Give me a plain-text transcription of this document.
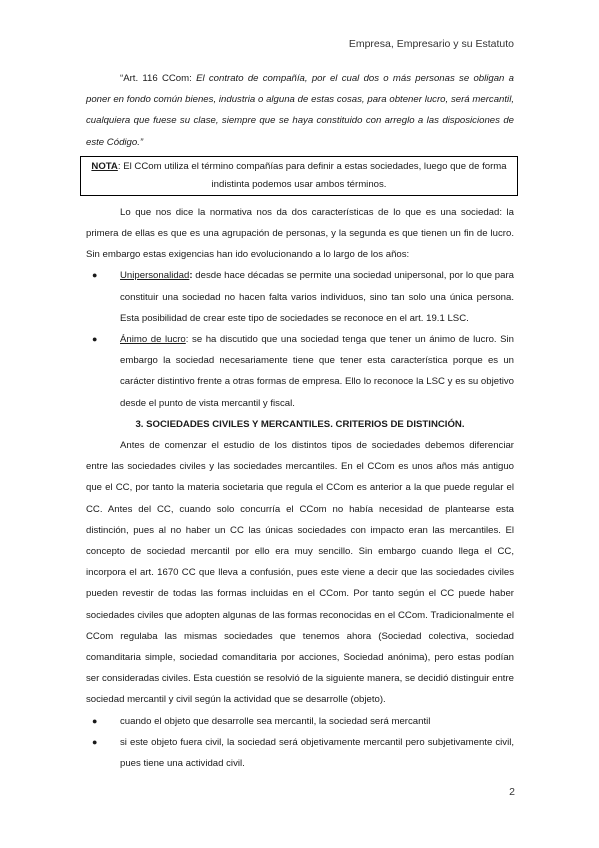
Empresa, Empresario y su Estatuto

“Art. 116 CCom: El contrato de compañía, por el cual dos o más personas se obligan a poner en fondo común bienes, industria o alguna de estas cosas, para obtener lucro, será mercantil, cualquiera que fuese su clase, siempre que se haya constituido con arreglo a las disposiciones de este Código.”

NOTA: El CCom utiliza el término compañías para definir a estas sociedades, luego que de forma indistinta podemos usar ambos términos.

Lo que nos dice la normativa nos da dos características de lo que es una sociedad: la primera de ellas es que es una agrupación de personas, y la segunda es que tienen un fin de lucro. Sin embargo estas exigencias han ido evolucionando a lo largo de los años:

● Unipersonalidad: desde hace décadas se permite una sociedad unipersonal, por lo que para constituir una sociedad no hacen falta varios individuos, sino tan solo una única persona. Esta posibilidad de crear este tipo de sociedades se reconoce en el art. 19.1 LSC.
● Ánimo de lucro: se ha discutido que una sociedad tenga que tener un ánimo de lucro. Sin embargo la sociedad necesariamente tiene que tener esta característica porque es un carácter distintivo frente a otras formas de empresa. Ello lo reconoce la LSC y es su objetivo desde el punto de vista mercantil y fiscal.

3. SOCIEDADES CIVILES Y MERCANTILES. CRITERIOS DE DISTINCIÓN.

Antes de comenzar el estudio de los distintos tipos de sociedades debemos diferenciar entre las sociedades civiles y las sociedades mercantiles. En el CCom es unos años más antiguo que el CC, por tanto la materia societaria que regula el CCom es anterior a la que puede regular el CC. Antes del CC, cuando solo concurría el CCom no había necesidad de plantearse esta distinción, pues al no haber un CC las únicas sociedades con impacto eran las mercantiles. El concepto de sociedad mercantil por ello era muy sencillo. Sin embargo cuando llega el CC, incorpora el art. 1670 CC que lleva a confusión, pues este viene a decir que las sociedades civiles pueden revestir de todas las formas incluidas en el CCom. Por tanto según el CC puede haber sociedades civiles que adopten algunas de las formas reconocidas en el CCom. Tradicionalmente el CCom regulaba las mismas sociedades que tenemos ahora (Sociedad colectiva, sociedad comanditaria simple, sociedad comanditaria por acciones, Sociedad anónima), pero estas podían ser consideradas civiles. Esta cuestión se resolvió de la siguiente manera, se decidió distinguir entre sociedad mercantil y civil según la actividad que se desarrolle (objeto).

● cuando el objeto que desarrolle sea mercantil, la sociedad será mercantil
● si este objeto fuera civil, la sociedad será objetivamente mercantil pero subjetivamente civil, pues tiene una actividad civil.
2
